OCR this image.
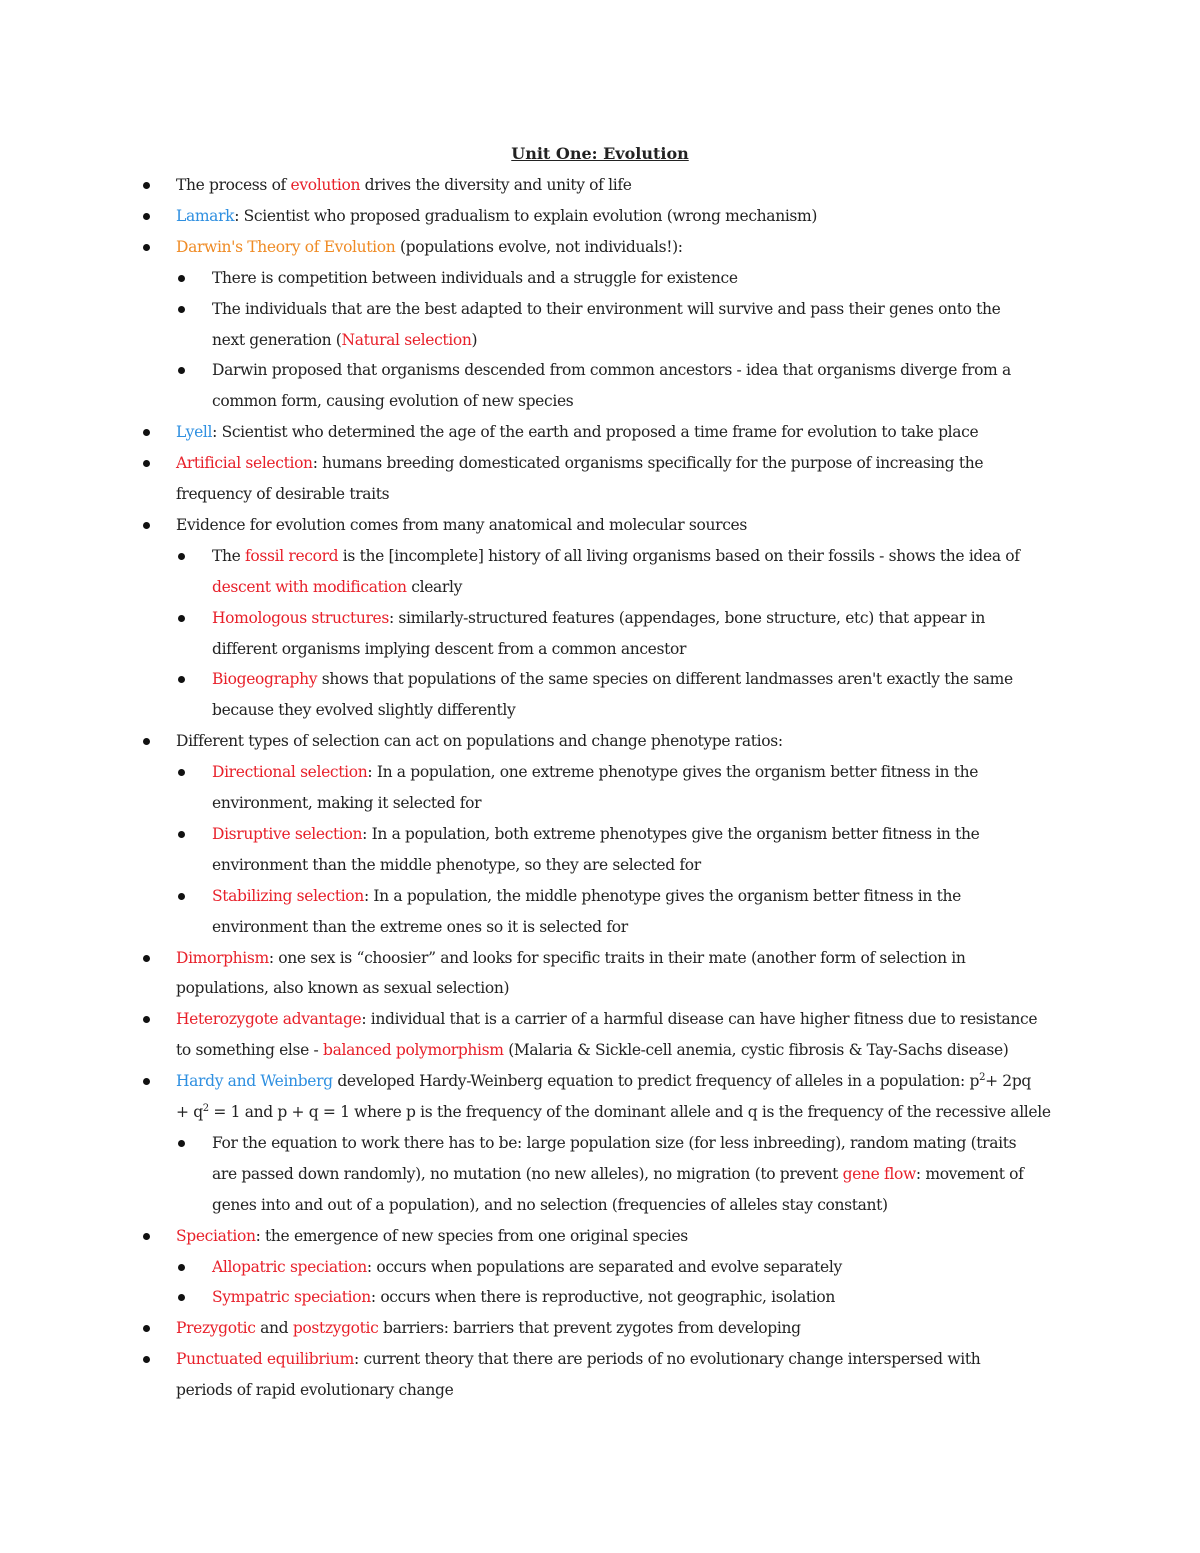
Unit One: Evolution
The process of evolution drives the diversity and unity of life
Lamark: Scientist who proposed gradualism to explain evolution (wrong mechanism)
Darwin's Theory of Evolution (populations evolve, not individuals!):
There is competition between individuals and a struggle for existence
The individuals that are the best adapted to their environment will survive and pass their genes onto the
next generation (Natural selection)
Darwin proposed that organisms descended from common ancestors - idea that organisms diverge from a
common form, causing evolution of new species
Lyell: Scientist who determined the age of the earth and proposed a time frame for evolution to take place
Artificial selection: humans breeding domesticated organisms specifically for the purpose of increasing the
frequency of desirable traits
Evidence for evolution comes from many anatomical and molecular sources
The fossil record is the [incomplete] history of all living organisms based on their fossils - shows the idea of
descent with modification clearly
Homologous structures: similarly-structured features (appendages, bone structure, etc) that appear in
different organisms implying descent from a common ancestor
Biogeography shows that populations of the same species on different landmasses aren't exactly the same
because they evolved slightly differently
Different types of selection can act on populations and change phenotype ratios:
Directional selection: In a population, one extreme phenotype gives the organism better fitness in the
environment, making it selected for
Disruptive selection: In a population, both extreme phenotypes give the organism better fitness in the
environment than the middle phenotype, so they are selected for
Stabilizing selection: In a population, the middle phenotype gives the organism better fitness in the
environment than the extreme ones so it is selected for
Dimorphism: one sex is “choosier” and looks for specific traits in their mate (another form of selection in
populations, also known as sexual selection)
Heterozygote advantage: individual that is a carrier of a harmful disease can have higher fitness due to resistance
to something else - balanced polymorphism (Malaria & Sickle-cell anemia, cystic fibrosis & Tay-Sachs disease)
Hardy and Weinberg developed Hardy-Weinberg equation to predict frequency of alleles in a population: $p^2+ 2pq$
+ $q^2 = 1$ and p + q = 1 where p is the frequency of the dominant allele and q is the frequency of the recessive allele
For the equation to work there has to be: large population size (for less inbreeding), random mating (traits
are passed down randomly), no mutation (no new alleles), no migration (to prevent gene flow: movement of
genes into and out of a population), and no selection (frequencies of alleles stay constant)
Speciation: the emergence of new species from one original species
Allopatric speciation: occurs when populations are separated and evolve separately
Sympatric speciation: occurs when there is reproductive, not geographic, isolation
Prezygotic and postzygotic barriers: barriers that prevent zygotes from developing
Punctuated equilibrium: current theory that there are periods of no evolutionary change interspersed with
periods of rapid evolutionary change
